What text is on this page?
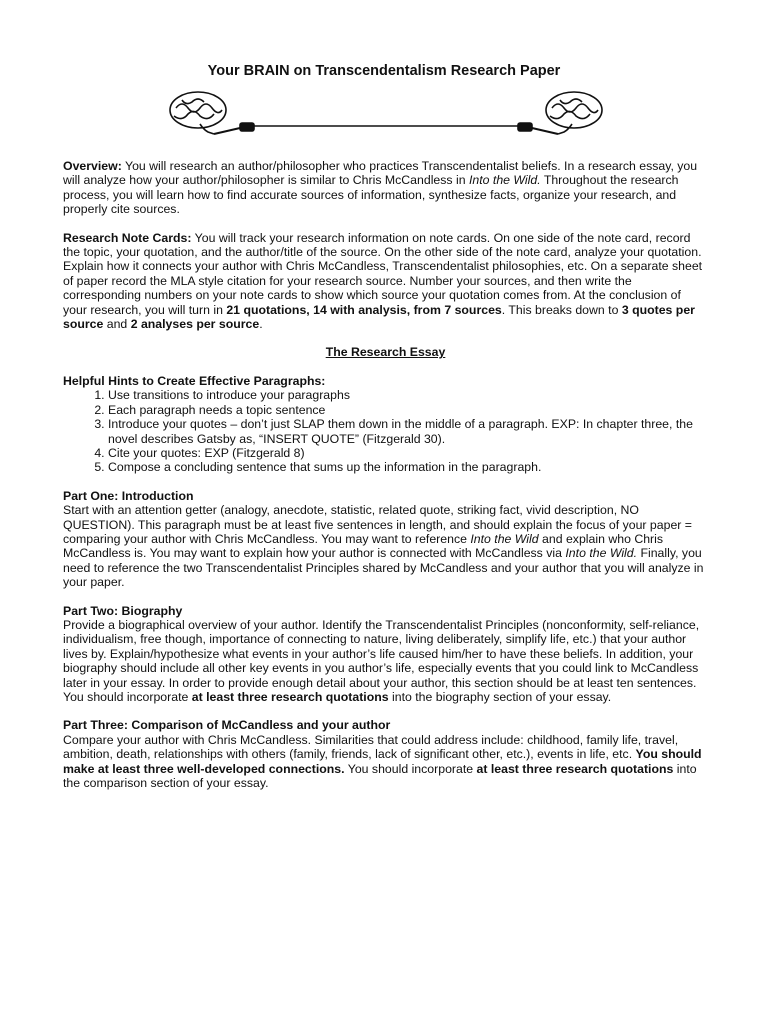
Your BRAIN on Transcendentalism Research Paper

Overview: You will research an author/philosopher who practices Transcendentalist beliefs. In a research essay, you will analyze how your author/philosopher is similar to Chris McCandless in Into the Wild. Throughout the research process, you will learn how to find accurate sources of information, synthesize facts, organize your research, and properly cite sources.

Research Note Cards: You will track your research information on note cards. On one side of the note card, record the topic, your quotation, and the author/title of the source. On the other side of the note card, analyze your quotation. Explain how it connects your author with Chris McCandless, Transcendentalist philosophies, etc. On a separate sheet of paper record the MLA style citation for your research source. Number your sources, and then write the corresponding numbers on your note cards to show which source your quotation comes from. At the conclusion of your research, you will turn in 21 quotations, 14 with analysis, from 7 sources. This breaks down to 3 quotes per source and 2 analyses per source.

The Research Essay

Helpful Hints to Create Effective Paragraphs:
1. Use transitions to introduce your paragraphs
2. Each paragraph needs a topic sentence
3. Introduce your quotes – don’t just SLAP them down in the middle of a paragraph. EXP: In chapter three, the novel describes Gatsby as, “INSERT QUOTE” (Fitzgerald 30).
4. Cite your quotes: EXP (Fitzgerald 8)
5. Compose a concluding sentence that sums up the information in the paragraph.
Part One: Introduction

Start with an attention getter (analogy, anecdote, statistic, related quote, striking fact, vivid description, NO QUESTION). This paragraph must be at least five sentences in length, and should explain the focus of your paper = comparing your author with Chris McCandless. You may want to reference Into the Wild and explain who Chris McCandless is. You may want to explain how your author is connected with McCandless via Into the Wild. Finally, you need to reference the two Transcendentalist Principles shared by McCandless and your author that you will analyze in your paper.

Part Two: Biography

Provide a biographical overview of your author. Identify the Transcendentalist Principles (nonconformity, self-reliance, individualism, free though, importance of connecting to nature, living deliberately, simplify life, etc.) that your author lives by. Explain/hypothesize what events in your author’s life caused him/her to have these beliefs. In addition, your biography should include all other key events in you author’s life, especially events that you could link to McCandless later in your essay. In order to provide enough detail about your author, this section should be at least ten sentences. You should incorporate at least three research quotations into the biography section of your essay.

Part Three: Comparison of McCandless and your author

Compare your author with Chris McCandless. Similarities that could address include: childhood, family life, travel, ambition, death, relationships with others (family, friends, lack of significant other, etc.), events in life, etc. You should make at least three well-developed connections. You should incorporate at least three research quotations into the comparison section of your essay.
